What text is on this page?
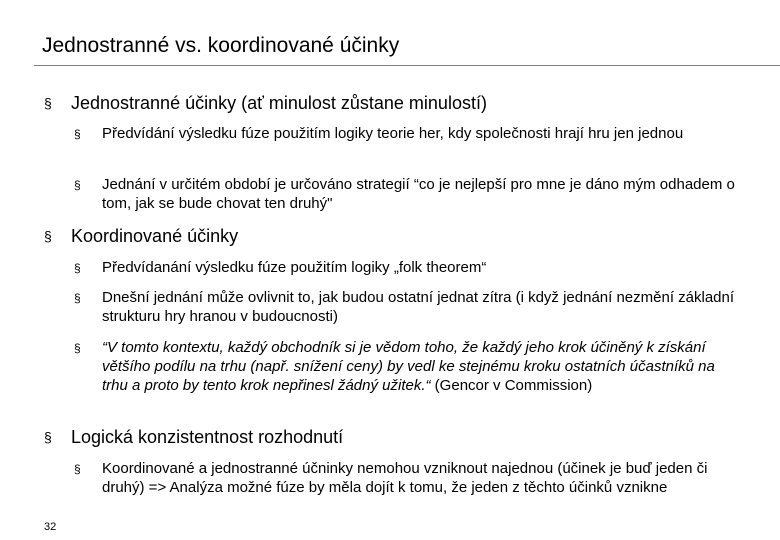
Jednostranné vs. koordinované účinky
§ Jednostranné účinky (ať minulost zůstane minulostí)
§ Předvídání výsledku fúze použitím logiky teorie her, kdy společnosti hrají hru jen jednou
§ Jednání v určitém období je určováno strategií “co je nejlepší pro mne je dáno mým odhadem o tom, jak se bude chovat ten druhý"
§ Koordinované účinky
§ Předvídanání výsledku fúze použitím logiky „folk theorem“
§ Dnešní jednání může ovlivnit to, jak budou ostatní jednat zítra (i když jednání nezmění základní strukturu hry hranou v budoucnosti)
§ “V tomto kontextu, každý obchodník si je vědom toho, že každý jeho krok účiněný k získání většího podílu na trhu (např. snížení ceny) by vedl ke stejnému kroku ostatních účastníků na trhu a proto by tento krok nepřinesl žádný užitek.“ (Gencor v Commission)
§ Logická konzistentnost rozhodnutí
§ Koordinované a jednostranné účninky nemohou vzniknout najednou (účinek je buď jeden či druhý) => Analýza možné fúze by měla dojít k tomu, že jeden z těchto účinků vznikne
32
